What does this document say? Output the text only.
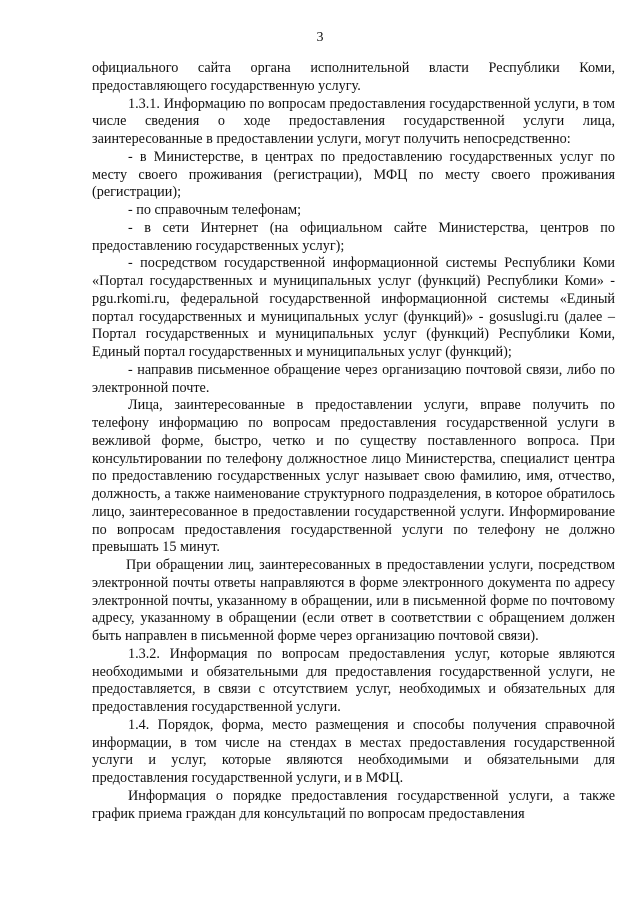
3

официального сайта органа исполнительной власти Республики Коми, предоставляющего государственную услугу.

1.3.1. Информацию по вопросам предоставления государственной услуги, в том числе сведения о ходе предоставления государственной услуги лица, заинтересованные в предоставлении услуги, могут получить непосредственно:

- в Министерстве, в центрах по предоставлению государственных услуг по месту своего проживания (регистрации), МФЦ по месту своего проживания (регистрации);

- по справочным телефонам;

- в сети Интернет (на официальном сайте Министерства, центров по предоставлению государственных услуг);

- посредством государственной информационной системы Республики Коми «Портал государственных и муниципальных услуг (функций) Республики Коми» - pgu.rkomi.ru, федеральной государственной информационной системы «Единый портал государственных и муниципальных услуг (функций)» - gosuslugi.ru (далее – Портал государственных и муниципальных услуг (функций) Республики Коми, Единый портал государственных и муниципальных услуг (функций);

- направив письменное обращение через организацию почтовой связи, либо по электронной почте.

Лица, заинтересованные в предоставлении услуги, вправе получить по телефону информацию по вопросам предоставления государственной услуги в вежливой форме, быстро, четко и по существу поставленного вопроса. При консультировании по телефону должностное лицо Министерства, специалист центра по предоставлению государственных услуг называет свою фамилию, имя, отчество, должность, а также наименование структурного подразделения, в которое обратилось лицо, заинтересованное в предоставлении государственной услуги. Информирование по вопросам предоставления государственной услуги по телефону не должно превышать 15 минут.

При обращении лиц, заинтересованных в предоставлении услуги, посредством электронной почты ответы направляются в форме электронного документа по адресу электронной почты, указанному в обращении, или в письменной форме по почтовому адресу, указанному в обращении (если ответ в соответствии с обращением должен быть направлен в письменной форме через организацию почтовой связи).

1.3.2. Информация по вопросам предоставления услуг, которые являются необходимыми и обязательными для предоставления государственной услуги, не предоставляется, в связи с отсутствием услуг, необходимых и обязательных для предоставления государственной услуги.

1.4. Порядок, форма, место размещения и способы получения справочной информации, в том числе на стендах в местах предоставления государственной услуги и услуг, которые являются необходимыми и обязательными для предоставления государственной услуги, и в МФЦ.

Информация о порядке предоставления государственной услуги, а также график приема граждан для консультаций по вопросам предоставления
